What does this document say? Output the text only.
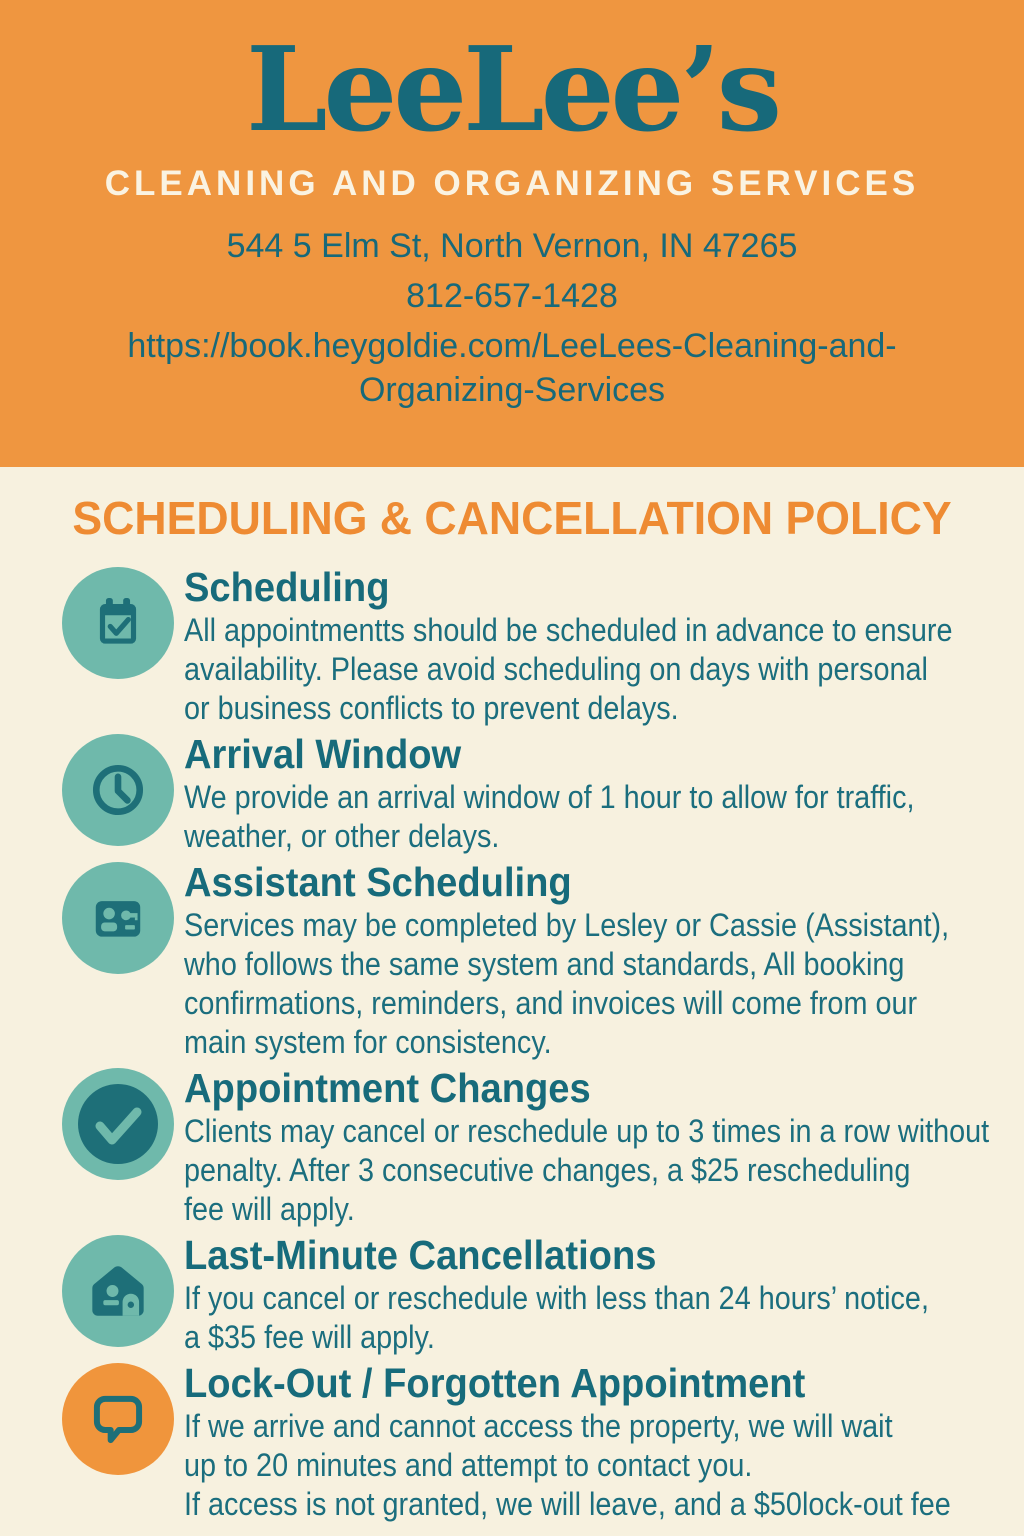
LeeLee’s
CLEANING AND ORGANIZING SERVICES
544 5 Elm St, North Vernon, IN 47265
812-657-1428
https://book.heygoldie.com/LeeLees-Cleaning-and-
Organizing-Services
SCHEDULING & CANCELLATION POLICY
Scheduling
All appointmentts should be scheduled in advance to ensure
availability. Please avoid scheduling on days with personal
or business conflicts to prevent delays.
Arrival Window
We provide an arrival window of 1 hour to allow for traffic,
weather, or other delays.
Assistant Scheduling
Services may be completed by Lesley or Cassie (Assistant),
who follows the same system and standards, All booking
confirmations, reminders, and invoices will come from our
main system for consistency.
Appointment Changes
Clients may cancel or reschedule up to 3 times in a row without
penalty. After 3 consecutive changes, a $25 rescheduling
fee will apply.
Last-Minute Cancellations
If you cancel or reschedule with less than 24 hours’ notice,
a $35 fee will apply.
Lock-Out / Forgotten Appointment
If we arrive and cannot access the property, we will wait
up to 20 minutes and attempt to contact you.
If access is not granted, we will leave, and a $50lock-out fee
